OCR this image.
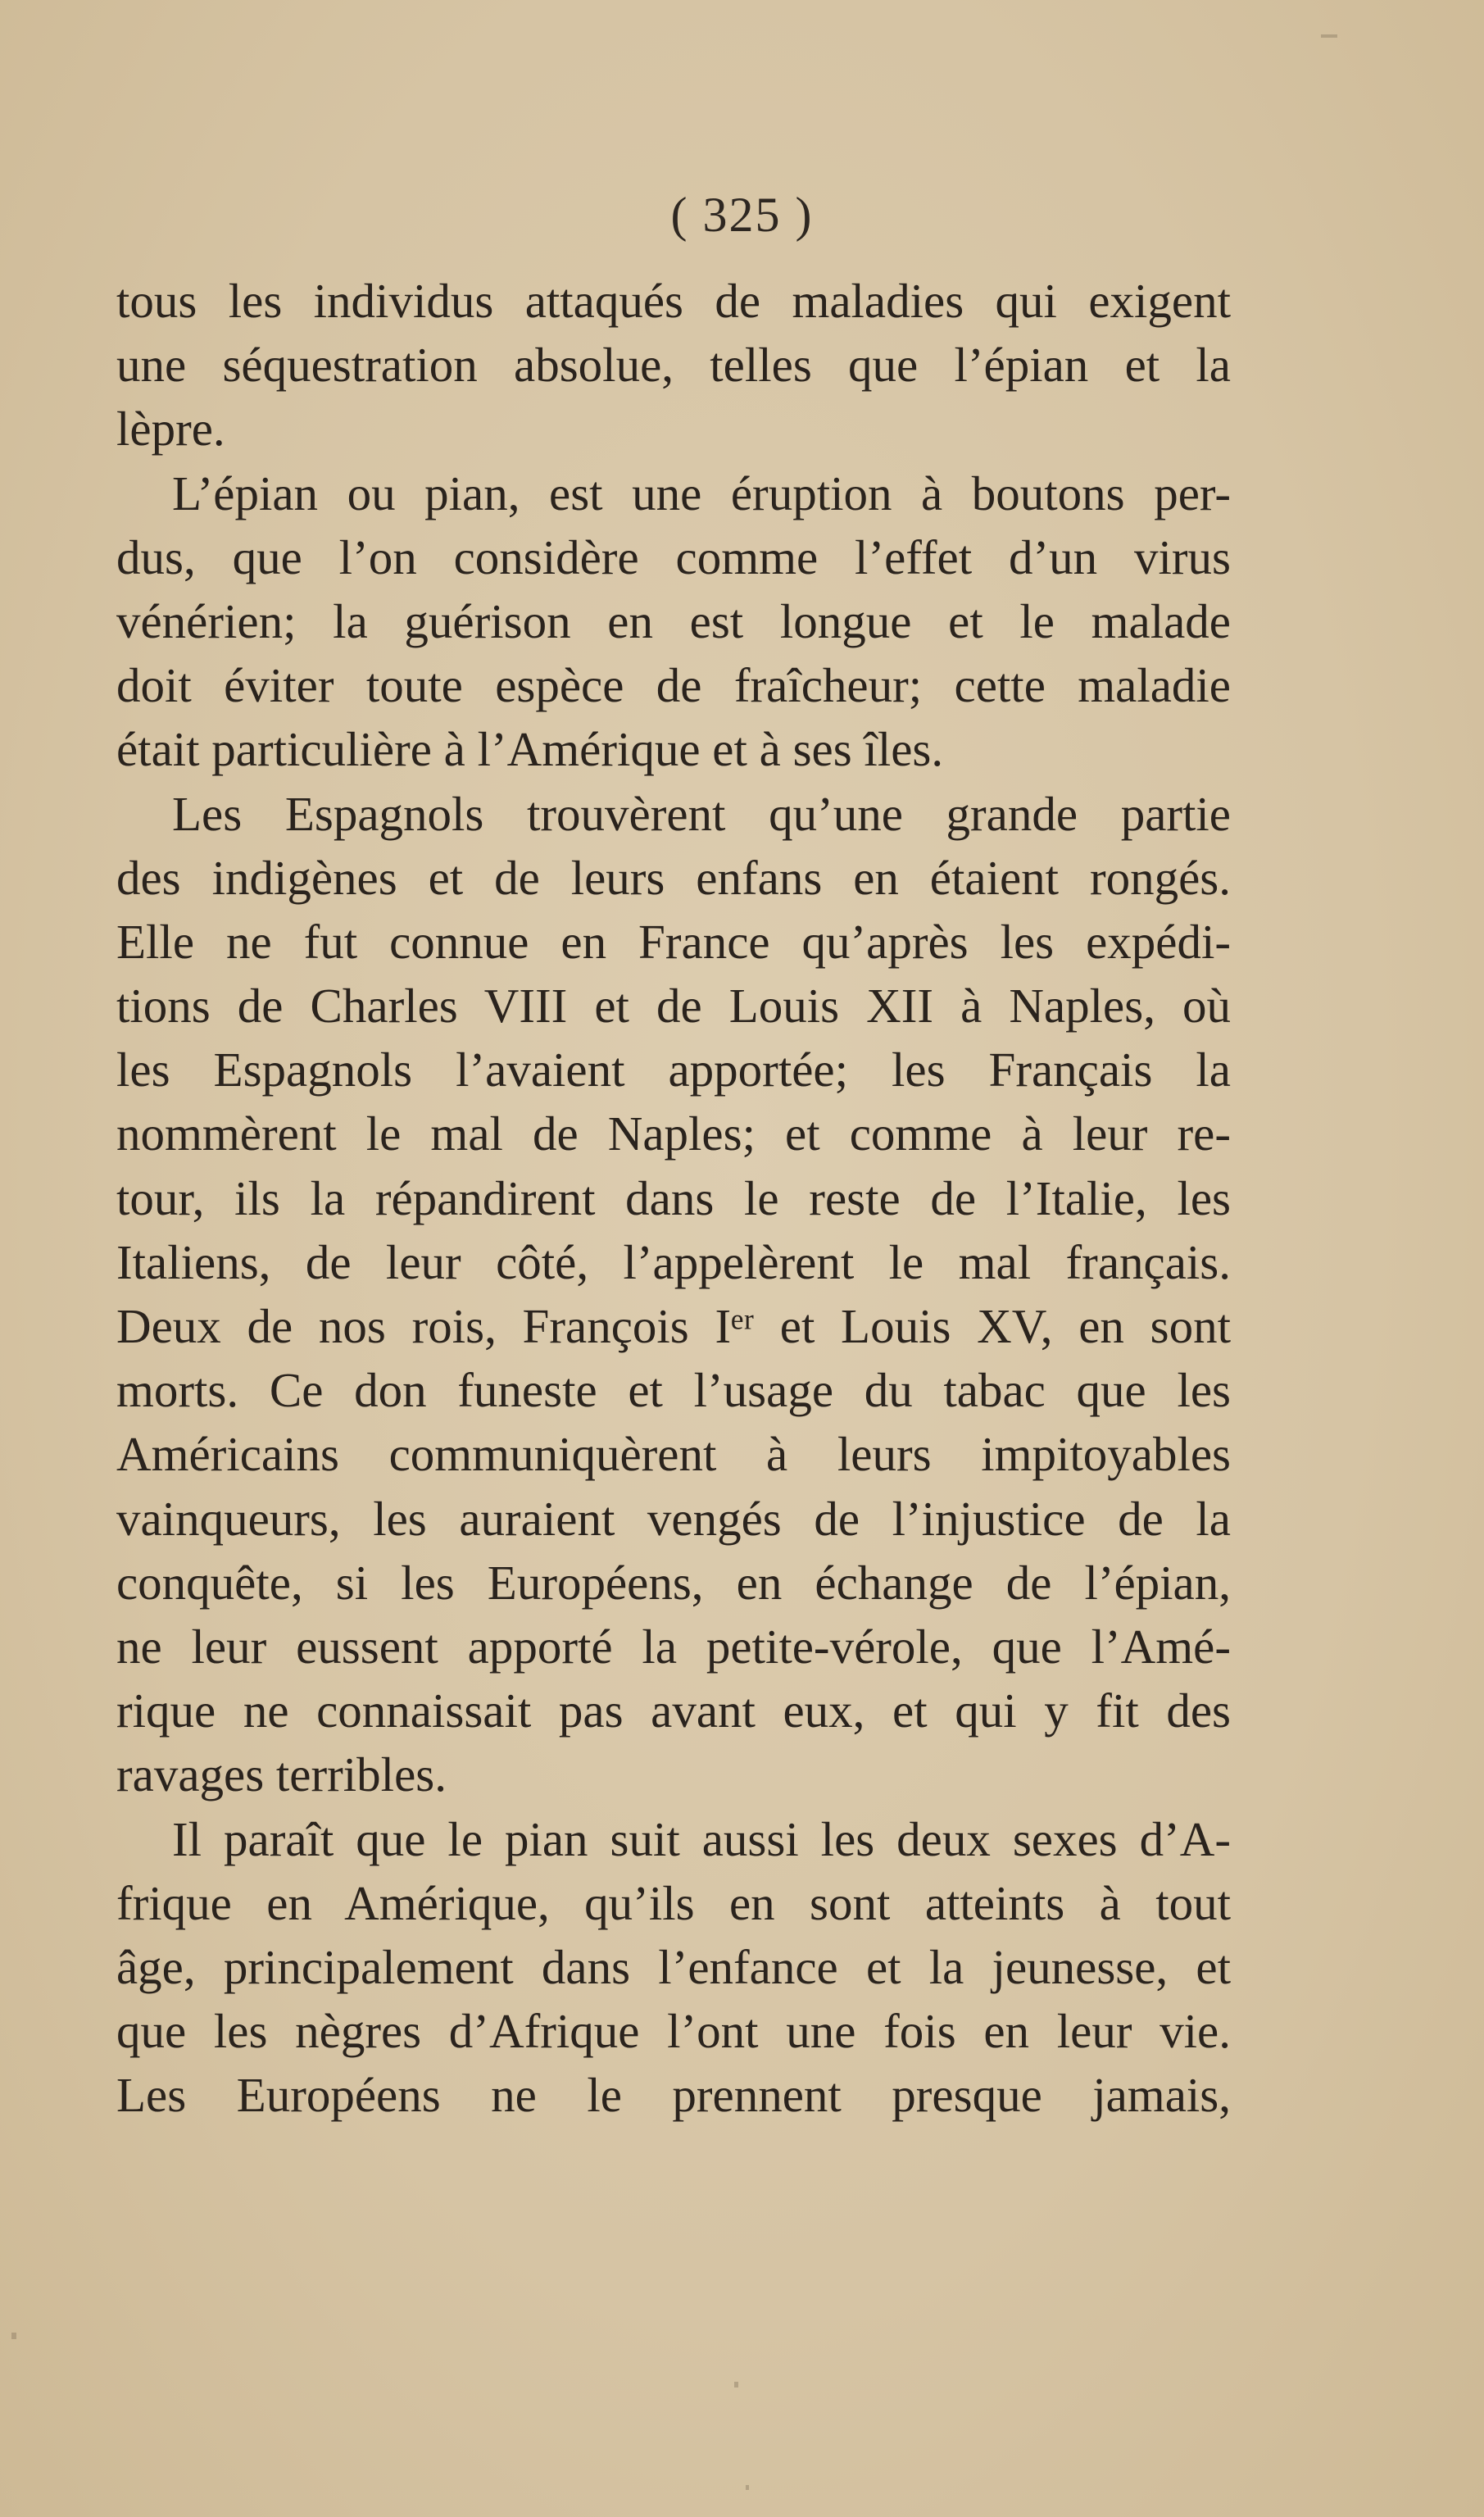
( 325 )
tous les individus attaqués de maladies qui exigent
une séquestration absolue, telles que l’épian et la
lèpre.
L’épian ou pian, est une éruption à boutons per-
dus, que l’on considère comme l’effet d’un virus
vénérien; la guérison en est longue et le malade
doit éviter toute espèce de fraîcheur; cette maladie
était particulière à l’Amérique et à ses îles.
Les Espagnols trouvèrent qu’une grande partie
des indigènes et de leurs enfans en étaient rongés.
Elle ne fut connue en France qu’après les expédi-
tions de Charles VIII et de Louis XII à Naples, où
les Espagnols l’avaient apportée; les Français la
nommèrent le mal de Naples; et comme à leur re-
tour, ils la répandirent dans le reste de l’Italie, les
Italiens, de leur côté, l’appelèrent le mal français.
Deux de nos rois, François Iᵉʳ et Louis XV, en sont
morts. Ce don funeste et l’usage du tabac que les
Américains communiquèrent à leurs impitoyables
vainqueurs, les auraient vengés de l’injustice de la
conquête, si les Européens, en échange de l’épian,
ne leur eussent apporté la petite-vérole, que l’Amé-
rique ne connaissait pas avant eux, et qui y fit des
ravages terribles.
Il paraît que le pian suit aussi les deux sexes d’A-
frique en Amérique, qu’ils en sont atteints à tout
âge, principalement dans l’enfance et la jeunesse, et
que les nègres d’Afrique l’ont une fois en leur vie.
Les Européens ne le prennent presque jamais,
